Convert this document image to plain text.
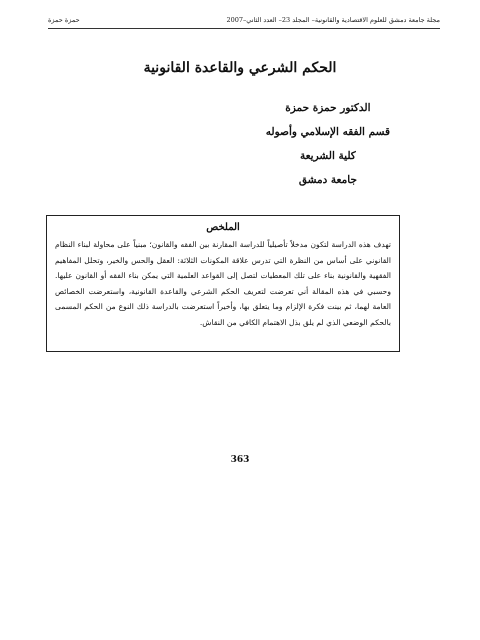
مجلة جامعة دمشق للعلوم الاقتصادية والقانونية– المجلد 23– العدد الثاني–2007
حمزة حمزة
الحكم الشرعي والقاعدة القانونية
الدكتور حمزة حمزة
قسم الفقه الإسلامي وأصوله
كلية الشريعة
جامعة دمشق
الملخص

تهدف هذه الدراسة لتكون مدخلاً تأصيلياً للدراسة المقارنة بين الفقه والقانون؛ مبنياً على محاولة لبناء النظام القانوني على أساس من النظرة التي تدرس علاقة المكونات الثلاثة: العقل والحس والخير، وتحلل المفاهيم الفقهية والقانونية بناء على تلك المعطيات لتصل إلى القواعد العلمية التي يمكن بناء الفقه أو القانون عليها. وحسبي في هذه المقالة أني تعرضت لتعريف الحكم الشرعي والقاعدة القانونية، واستعرضت الخصائص العامة لهما، ثم بينت فكرة الإلزام وما يتعلق بها، وأخيراً استعرضت بالدراسة ذلك النوع من الحكم المسمى بالحكم الوضعي الذي لم يلق بذل الاهتمام الكافي من النقاش.

363
